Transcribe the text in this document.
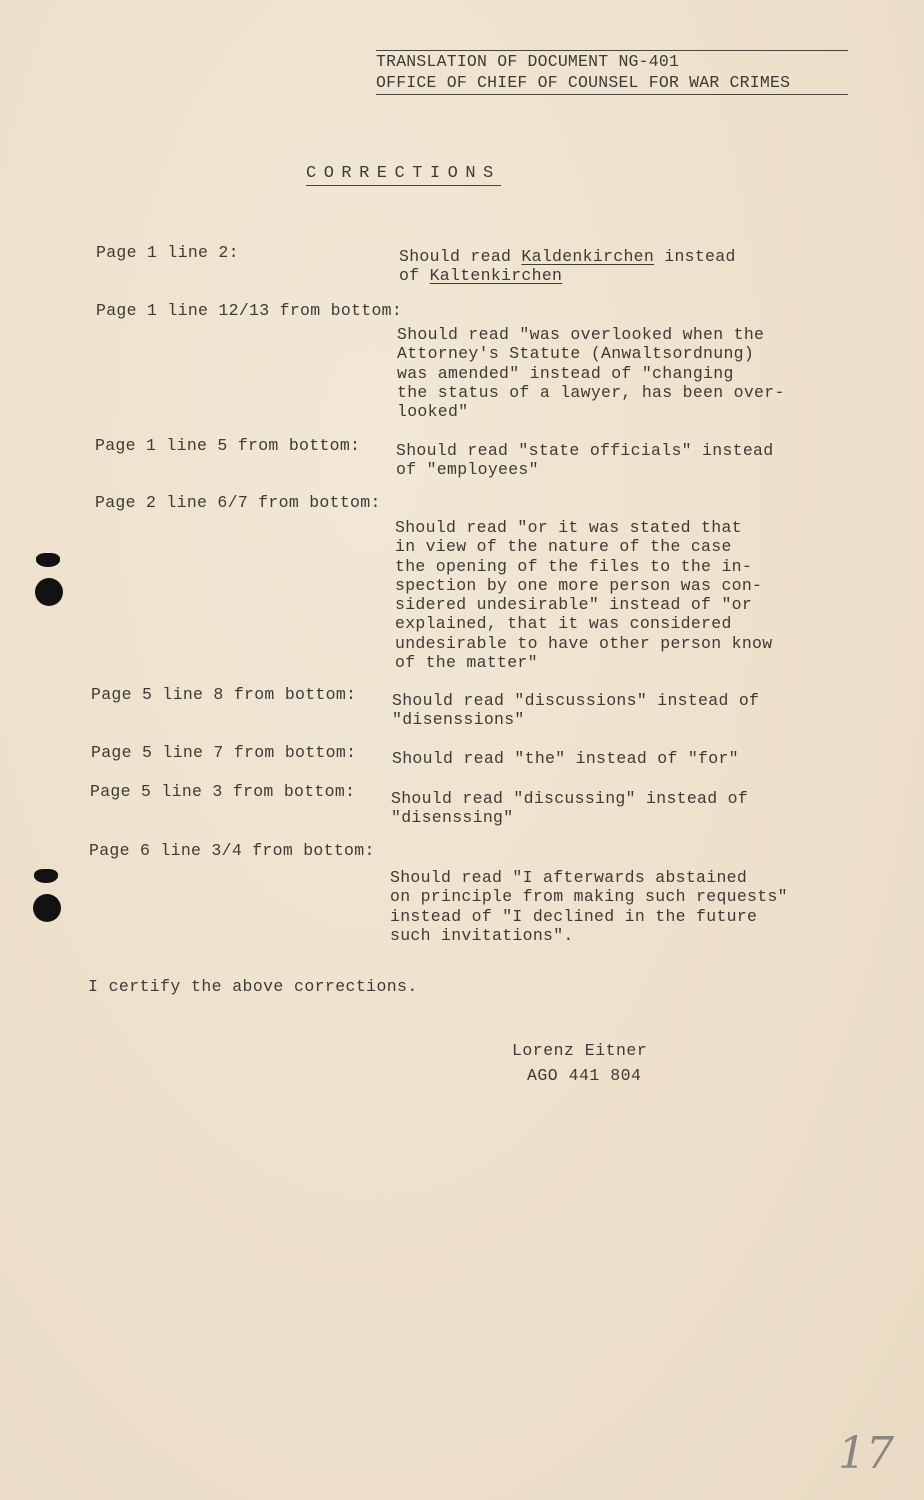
TRANSLATION OF DOCUMENT NG-401
OFFICE OF CHIEF OF COUNSEL FOR WAR CRIMES
CORRECTIONS
Page 1 line 2:	Should read Kaldenkirchen instead
of Kaltenkirchen
Page 1 line 12/13 from bottom:
Should read "was overlooked when the
Attorney's Statute (Anwaltsordnung)
was amended" instead of "changing
the status of a lawyer, has been over-
looked"
Page 1 line 5 from bottom: Should read "state officials" instead
of "employees"
Page 2 line 6/7 from bottom:
Should read "or it was stated that
in view of the nature of the case
the opening of the files to the in-
spection by one more person was con-
sidered undesirable" instead of "or
explained, that it was considered
undesirable to have other person know
of the matter"
Page 5 line 8 from bottom: Should read "discussions" instead of
"disenssions"
Page 5 line 7 from bottom: Should read "the" instead of "for"
Page 5 line 3 from bottom: Should read "discussing" instead of
"disenssing"
Page 6 line 3/4 from bottom:
Should read "I afterwards abstained
on principle from making such requests"
instead of "I declined in the future
such invitations".
I certify the above corrections.
Lorenz Eitner
AGO 441 804
17
